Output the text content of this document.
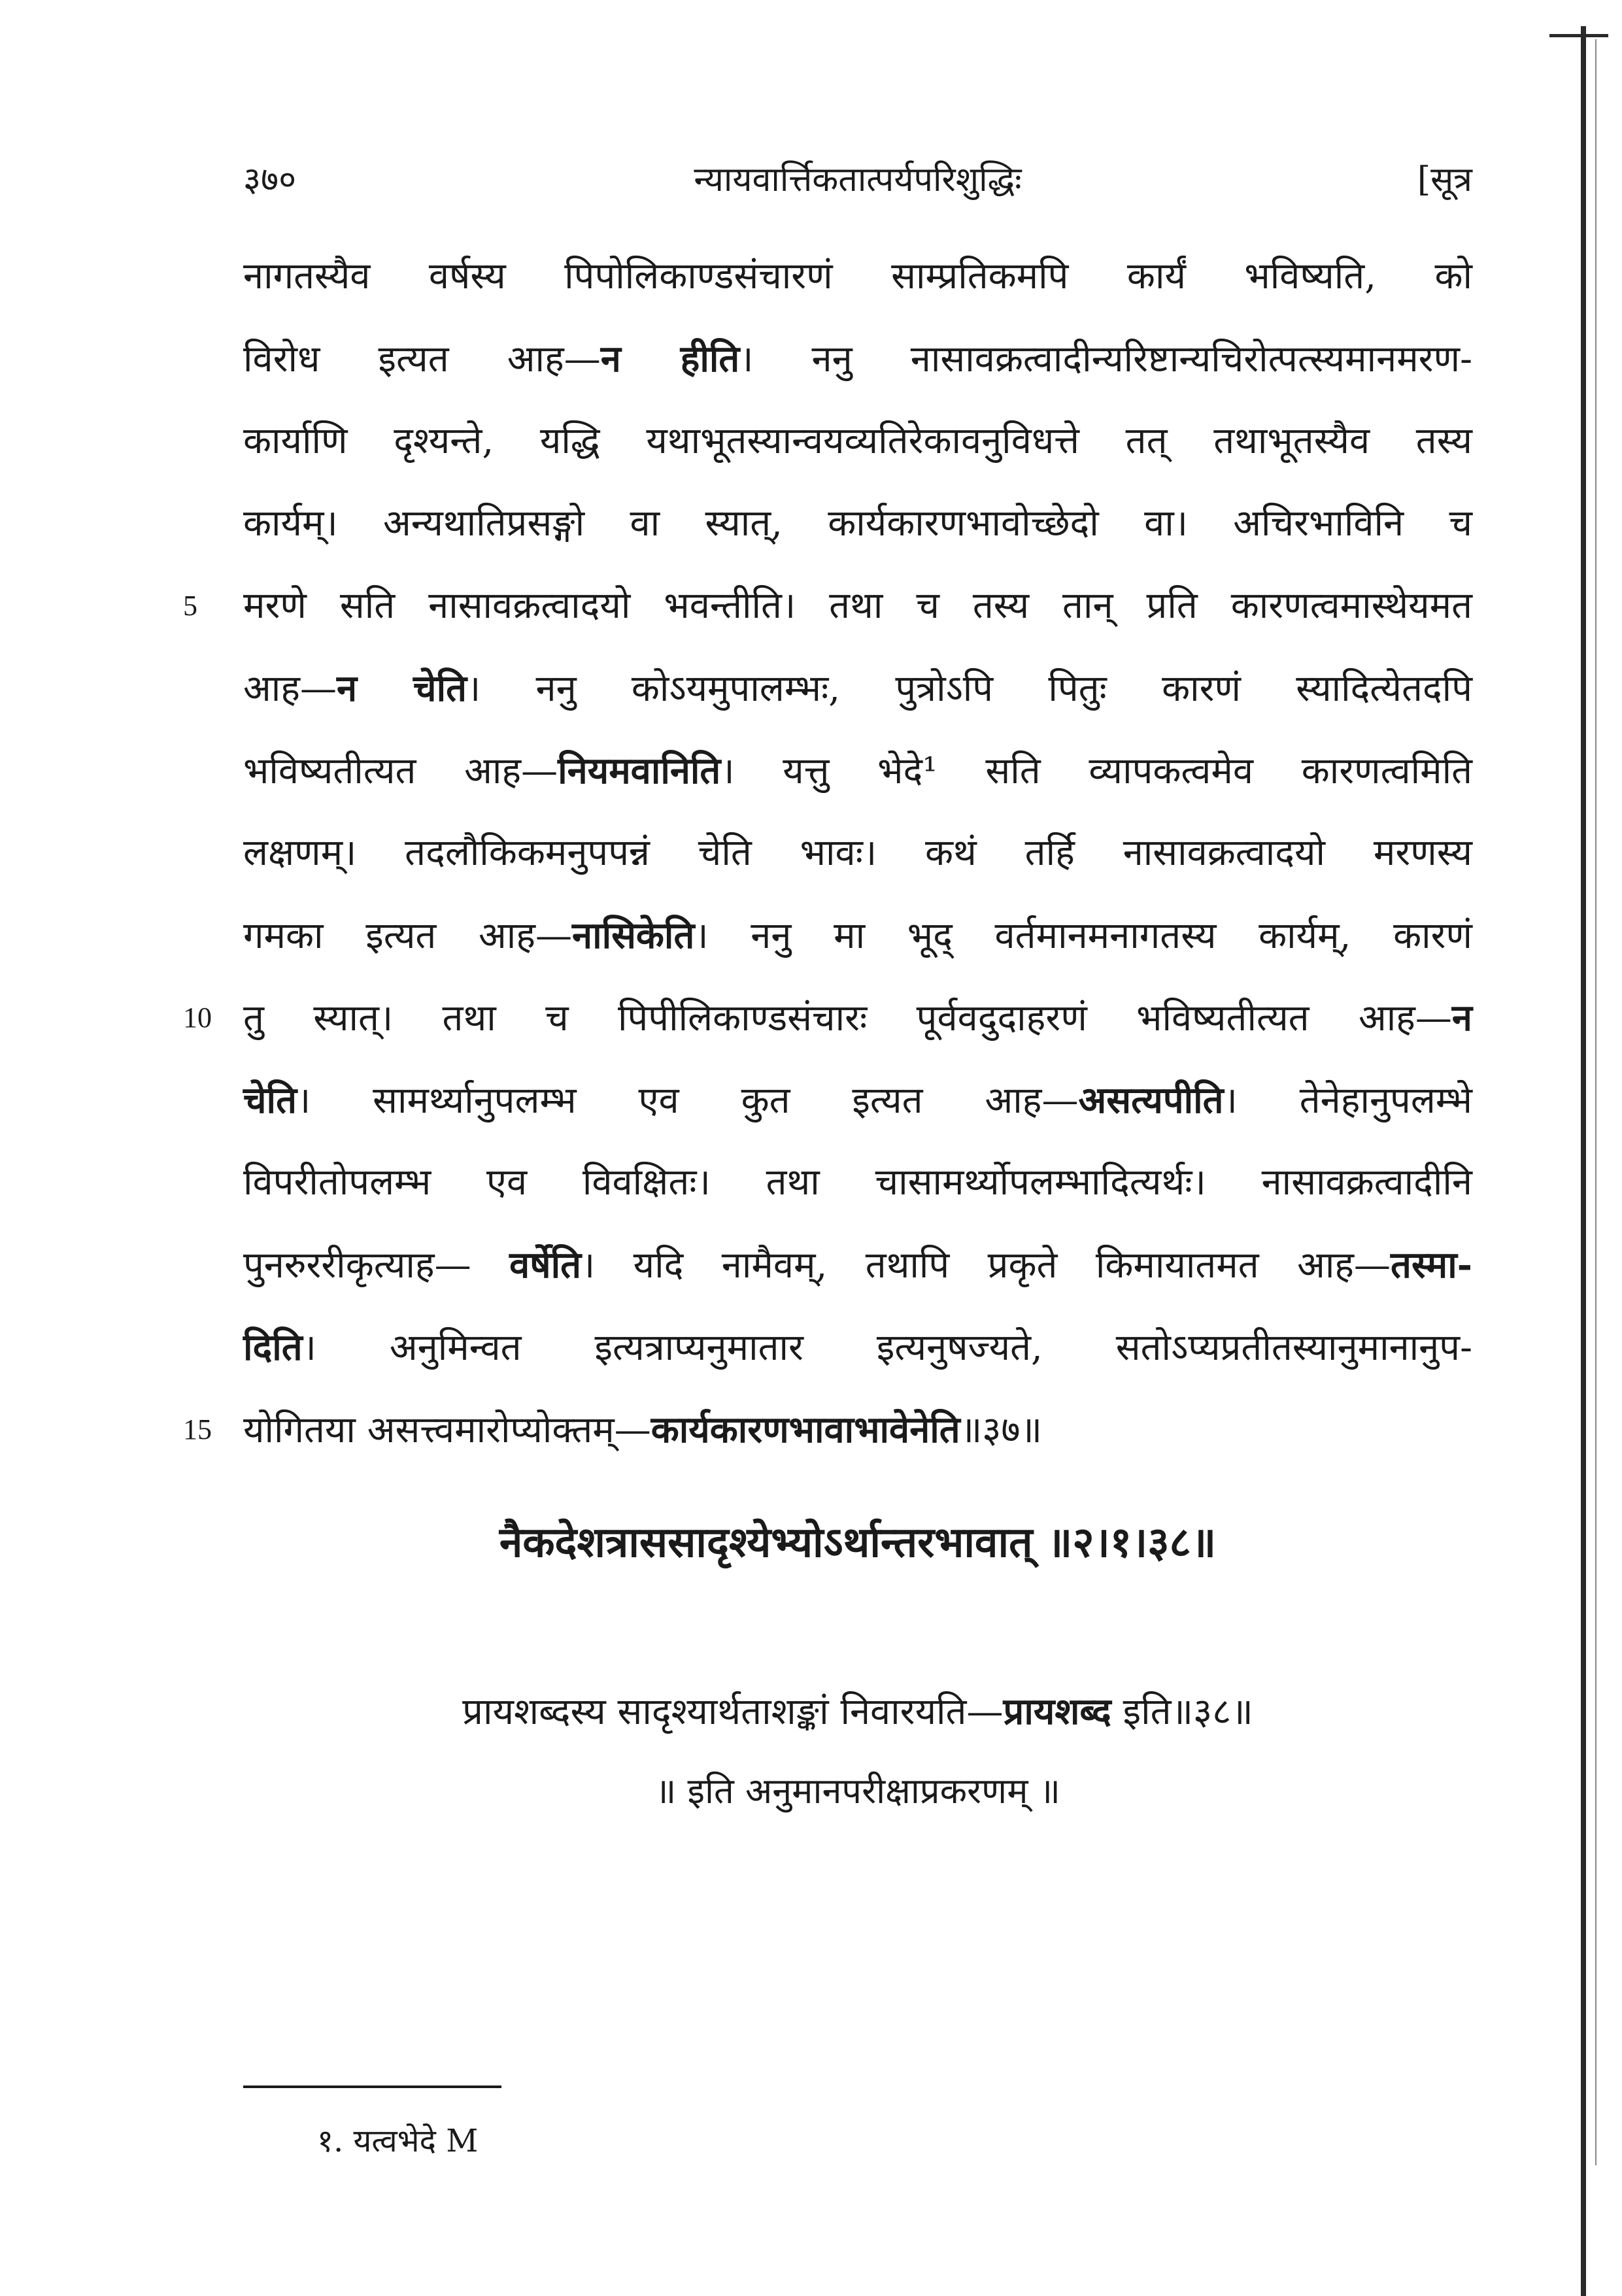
३७०	न्यायवार्त्तिकतात्पर्यपरिशुद्धिः	[सूत्र
नागतस्यैव वर्षस्य पिपोलिकाण्डसंचारणं साम्प्रतिकमपि कार्यं भविष्यति, को
विरोध इत्यत आह—न हीति। ननु नासावक्रत्वादीन्यरिष्टान्यचिरोत्पत्स्यमानमरण-
कार्याणि दृश्यन्ते, यद्धि यथाभूतस्यान्वयव्यतिरेकावनुविधत्ते तत् तथाभूतस्यैव तस्य
कार्यम्। अन्यथातिप्रसङ्गो वा स्यात्, कार्यकारणभावोच्छेदो वा। अचिरभाविनि च
5	मरणे सति नासावक्रत्वादयो भवन्तीति। तथा च तस्य तान् प्रति कारणत्वमास्थेयमत
आह—न चेति। ननु कोऽयमुपालम्भः, पुत्रोऽपि पितुः कारणं स्यादित्येतदपि
भविष्यतीत्यत आह—नियमवानिति। यत्तु भेदे¹ सति व्यापकत्वमेव कारणत्वमिति
लक्षणम्। तदलौकिकमनुपपन्नं चेति भावः। कथं तर्हि नासावक्रत्वादयो मरणस्य
गमका इत्यत आह—नासिकेति। ननु मा भूद् वर्तमानमनागतस्य कार्यम्, कारणं
10 तु स्यात्। तथा च पिपीलिकाण्डसंचारः पूर्ववदुदाहरणं भविष्यतीत्यत आह—न
चेति। सामर्थ्यानुपलम्भ एव कुत इत्यत आह—असत्यपीति। तेनेहानुपलम्भे
विपरीतोपलम्भ एव विवक्षितः। तथा चासामर्थ्योपलम्भादित्यर्थः। नासावक्रत्वादीनि
पुनरुररीकृत्याह— वर्षेति। यदि नामैवम्, तथापि प्रकृते किमायातमत आह—तस्मा-
दिति। अनुमिन्वत इत्यत्राप्यनुमातार इत्यनुषज्यते, सतोऽप्यप्रतीतस्यानुमानानुप-
15 योगितया असत्त्वमारोप्योक्तम्—कार्यकारणभावाभावेनेति॥३७॥
नैकदेशत्राससादृश्येभ्योऽर्थान्तरभावात् ॥२।१।३८॥
प्रायशब्दस्य सादृश्यार्थताशङ्कां निवारयति—प्रायशब्द इति॥३८॥
॥ इति अनुमानपरीक्षाप्रकरणम् ॥
१. यत्वभेदे M
